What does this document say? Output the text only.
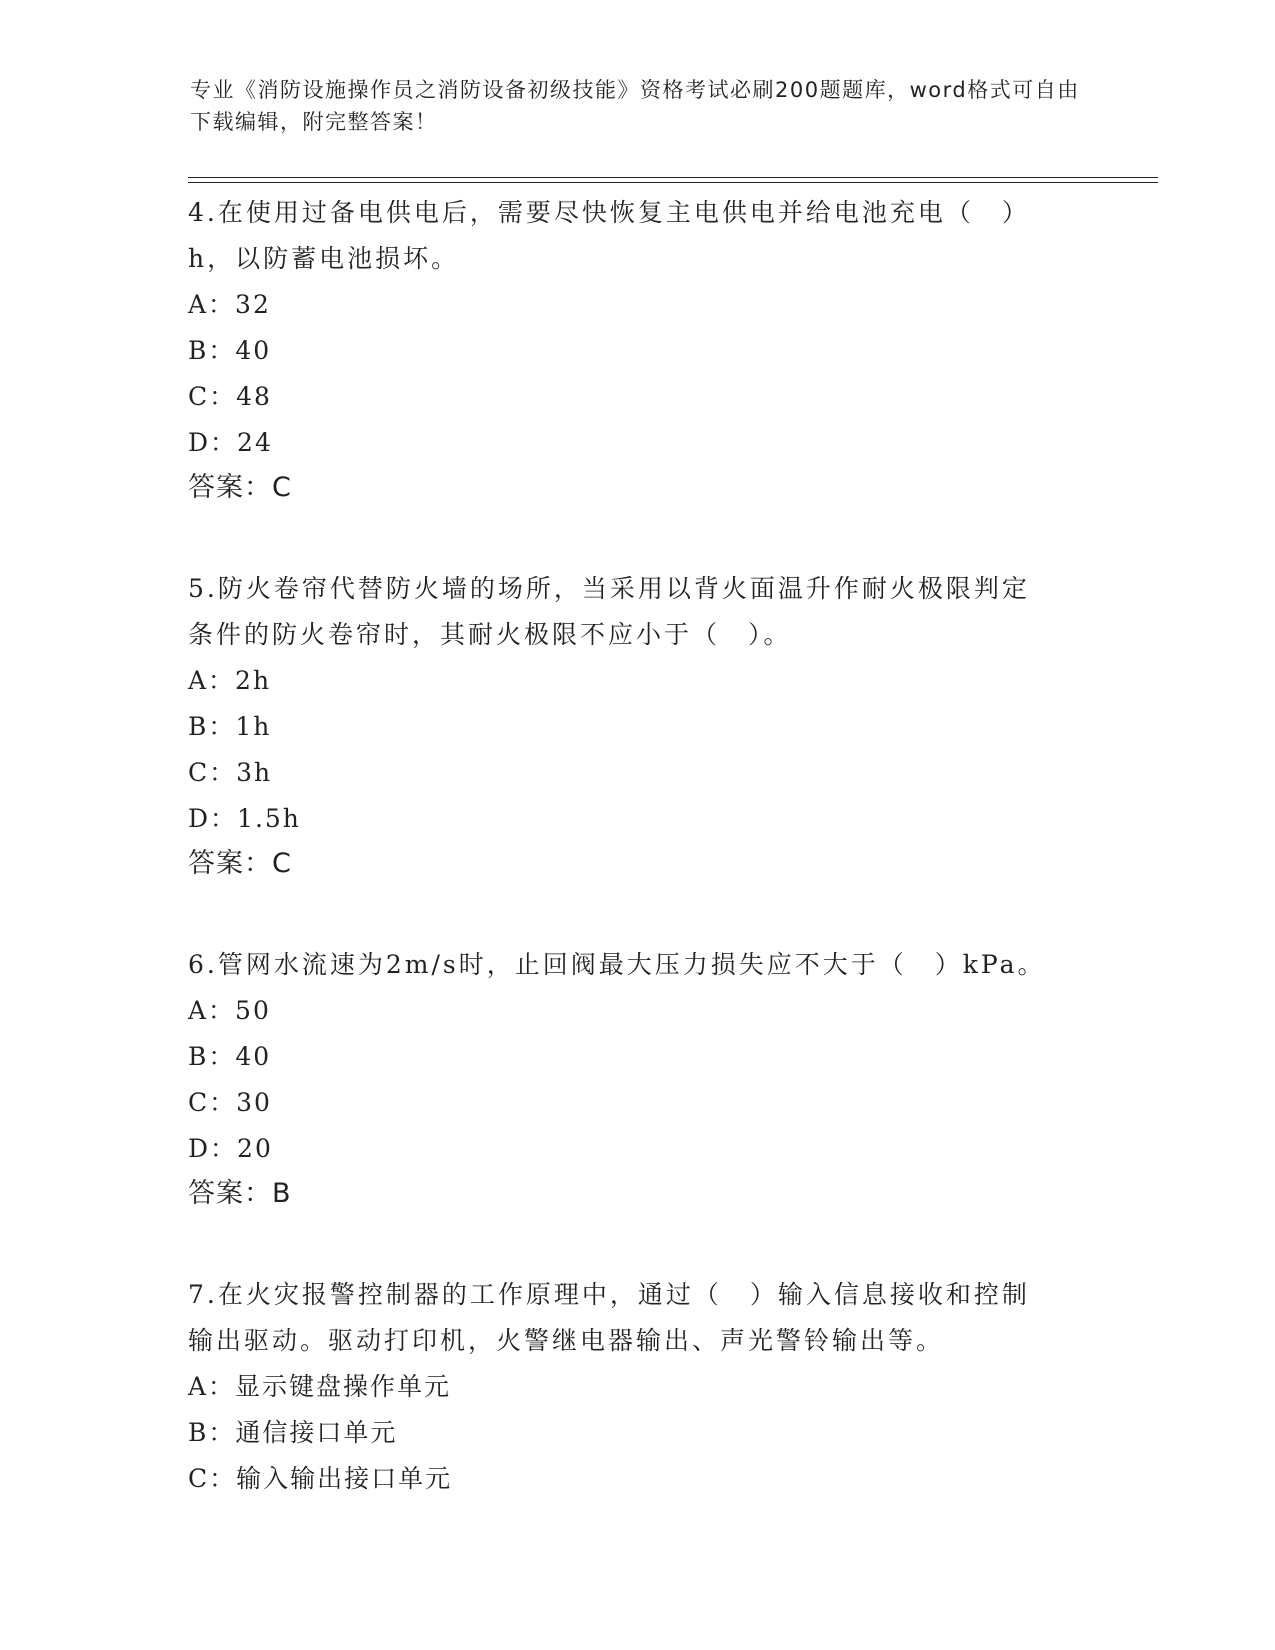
专业《消防设施操作员之消防设备初级技能》资格考试必刷200题题库，word格式可自由下载编辑，附完整答案！

4.在使用过备电供电后，需要尽快恢复主电供电并给电池充电（　）h，以防蓄电池损坏。

A：32

B：40

C：48

D：24

答案：C

5.防火卷帘代替防火墙的场所，当采用以背火面温升作耐火极限判定条件的防火卷帘时，其耐火极限不应小于（　）。

A：2h

B：1h

C：3h

D：1.5h

答案：C

6.管网水流速为2m/s时，止回阀最大压力损失应不大于（　）kPa。

A：50

B：40

C：30

D：20

答案：B

7.在火灾报警控制器的工作原理中，通过（　）输入信息接收和控制输出驱动。驱动打印机，火警继电器输出、声光警铃输出等。

A：显示键盘操作单元

B：通信接口单元

C：输入输出接口单元
